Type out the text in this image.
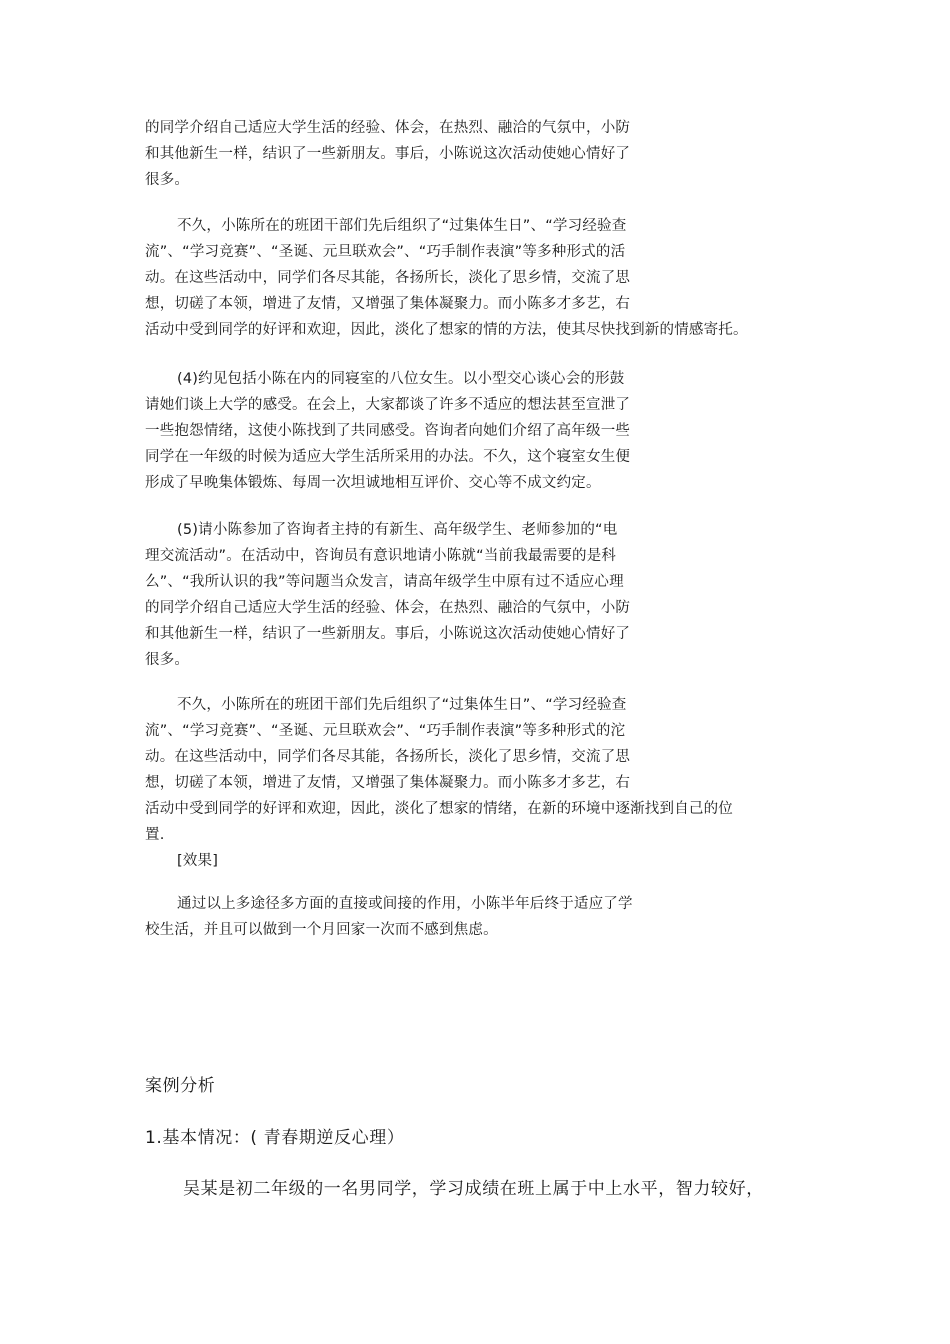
的同学介绍自己适应大学生活的经验、体会，在热烈、融洽的气氛中，小防
和其他新生一样，结识了一些新朋友。事后，小陈说这次活动使她心情好了
很多。
不久，小陈所在的班团干部们先后组织了“过集体生日”、“学习经验查
流”、“学习竞赛”、“圣诞、元旦联欢会”、“巧手制作表演”等多种形式的活
动。在这些活动中，同学们各尽其能，各扬所长，淡化了思乡情，交流了思
想，切磋了本领，增进了友情，又增强了集体凝聚力。而小陈多才多艺，右
活动中受到同学的好评和欢迎，因此，淡化了想家的情的方法，使其尽快找到新的情感寄托。
(4)约见包括小陈在内的同寝室的八位女生。以小型交心谈心会的形鼓
请她们谈上大学的感受。在会上，大家都谈了许多不适应的想法甚至宣泄了
一些抱怨情绪，这使小陈找到了共同感受。咨询者向她们介绍了高年级一些
同学在一年级的时候为适应大学生活所采用的办法。不久，这个寝室女生便
形成了早晚集体锻炼、每周一次坦诚地相互评价、交心等不成文约定。
(5)请小陈参加了咨询者主持的有新生、高年级学生、老师参加的“电
理交流活动”。在活动中，咨询员有意识地请小陈就“当前我最需要的是科
么”、“我所认识的我”等问题当众发言，请高年级学生中原有过不适应心理
的同学介绍自己适应大学生活的经验、体会，在热烈、融洽的气氛中，小防
和其他新生一样，结识了一些新朋友。事后，小陈说这次活动使她心情好了
很多。
不久，小陈所在的班团干部们先后组织了“过集体生日”、“学习经验查
流”、“学习竞赛”、“圣诞、元旦联欢会”、“巧手制作表演”等多种形式的沱
动。在这些活动中，同学们各尽其能，各扬所长，淡化了思乡情，交流了思
想，切磋了本领，增进了友情，又增强了集体凝聚力。而小陈多才多艺，右
活动中受到同学的好评和欢迎，因此，淡化了想家的情绪，在新的环境中逐渐找到自己的位
置.
[效果]
通过以上多途径多方面的直接或间接的作用，小陈半年后终于适应了学
校生活，并且可以做到一个月回家一次而不感到焦虑。
案例分析
1.基本情况：( 青春期逆反心理）
吴某是初二年级的一名男同学，学习成绩在班上属于中上水平，智力较好，
